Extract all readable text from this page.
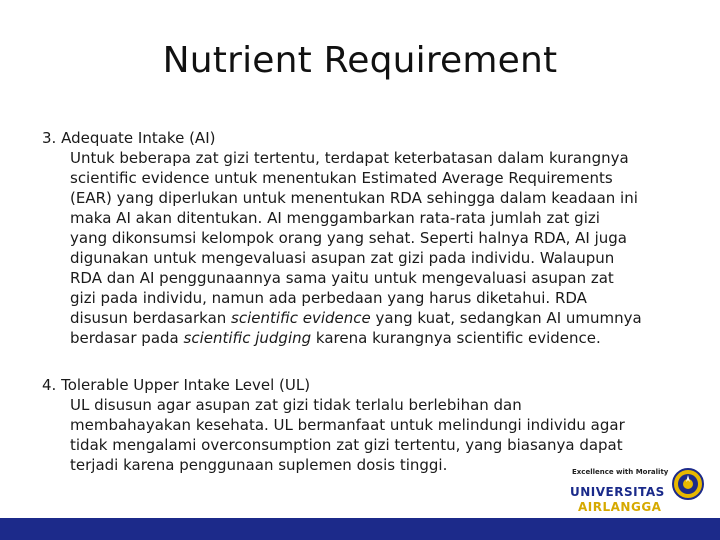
Nutrient Requirement
3. Adequate Intake (AI)
Untuk beberapa zat gizi tertentu, terdapat keterbatasan dalam kurangnya
scientific evidence untuk menentukan Estimated Average Requirements
(EAR) yang diperlukan untuk menentukan RDA sehingga dalam keadaan ini
maka AI akan ditentukan. AI menggambarkan rata-rata jumlah zat gizi
yang dikonsumsi kelompok orang yang sehat. Seperti halnya RDA, AI juga
digunakan untuk mengevaluasi asupan zat gizi pada individu. Walaupun
RDA dan AI penggunaannya sama yaitu untuk mengevaluasi asupan zat
gizi pada individu, namun ada perbedaan yang harus diketahui. RDA
disusun berdasarkan scientific evidence yang kuat, sedangkan AI umumnya
berdasar pada scientific judging karena kurangnya scientific evidence.
4. Tolerable Upper Intake Level (UL)
UL disusun agar asupan zat gizi tidak terlalu berlebihan dan
membahayakan kesehata. UL bermanfaat untuk melindungi individu agar
tidak mengalami overconsumption zat gizi tertentu, yang biasanya dapat
terjadi karena penggunaan suplemen dosis tinggi.	Excellence with Morality
UNIVERSITAS
AIRLANGGA
